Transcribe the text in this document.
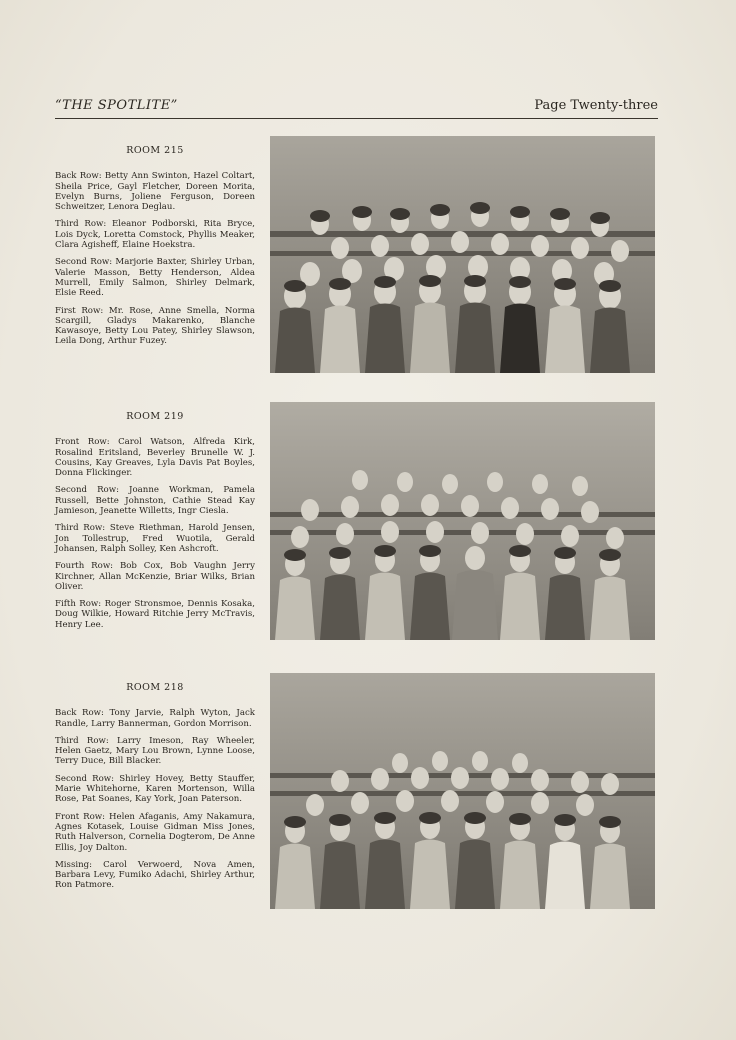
“THE SPOTLITE”	Page Twenty-three
ROOM 215

Back Row: Betty Ann Swinton, Hazel Coltart, Sheila Price, Gayl Fletcher, Doreen Morita, Evelyn Burns, Joliene Ferguson, Doreen Schweitzer, Lenora Deglau.

Third Row: Eleanor Podborski, Rita Bryce, Lois Dyck, Loretta Comstock, Phyllis Meaker, Clara Agisheff, Elaine Hoekstra.

Second Row: Marjorie Baxter, Shirley Urban, Valerie Masson, Betty Henderson, Aldea Murrell, Emily Salmon, Shirley Delmark, Elsie Reed.

First Row: Mr. Rose, Anne Smella, Norma Scargill, Gladys Makarenko, Blanche Kawasoye, Betty Lou Patey, Shirley Slawson, Leila Dong, Arthur Fuzey.

ROOM 219

Front Row: Carol Watson, Alfreda Kirk, Rosalind Eritsland, Beverley Brunelle W. J. Cousins, Kay Greaves, Lyla Davis Pat Boyles, Donna Flickinger.

Second Row: Joanne Workman, Pamela Russell, Bette Johnston, Cathie Stead Kay Jamieson, Jeanette Willetts, Ingr Ciesla.

Third Row: Steve Riethman, Harold Jensen, Jon Tollestrup, Fred Wuotila, Gerald Johansen, Ralph Solley, Ken Ashcroft.

Fourth Row: Bob Cox, Bob Vaughn Jerry Kirchner, Allan McKenzie, Briar Wilks, Brian Oliver.

Fifth Row: Roger Stronsmoe, Dennis Kosaka, Doug Wilkie, Howard Ritchie Jerry McTravis, Henry Lee.

ROOM 218

Back Row: Tony Jarvie, Ralph Wyton, Jack Randle, Larry Bannerman, Gordon Morrison.

Third Row: Larry Imeson, Ray Wheeler, Helen Gaetz, Mary Lou Brown, Lynne Loose, Terry Duce, Bill Blacker.

Second Row: Shirley Hovey, Betty Stauffer, Marie Whitehorne, Karen Mortenson, Willa Rose, Pat Soanes, Kay York, Joan Paterson.

Front Row: Helen Afaganis, Amy Nakamura, Agnes Kotasek, Louise Gidman Miss Jones, Ruth Halverson, Cornelia Dogterom, De Anne Ellis, Joy Dalton.

Missing: Carol Verwoerd, Nova Amen, Barbara Levy, Fumiko Adachi, Shirley Arthur, Ron Patmore.
